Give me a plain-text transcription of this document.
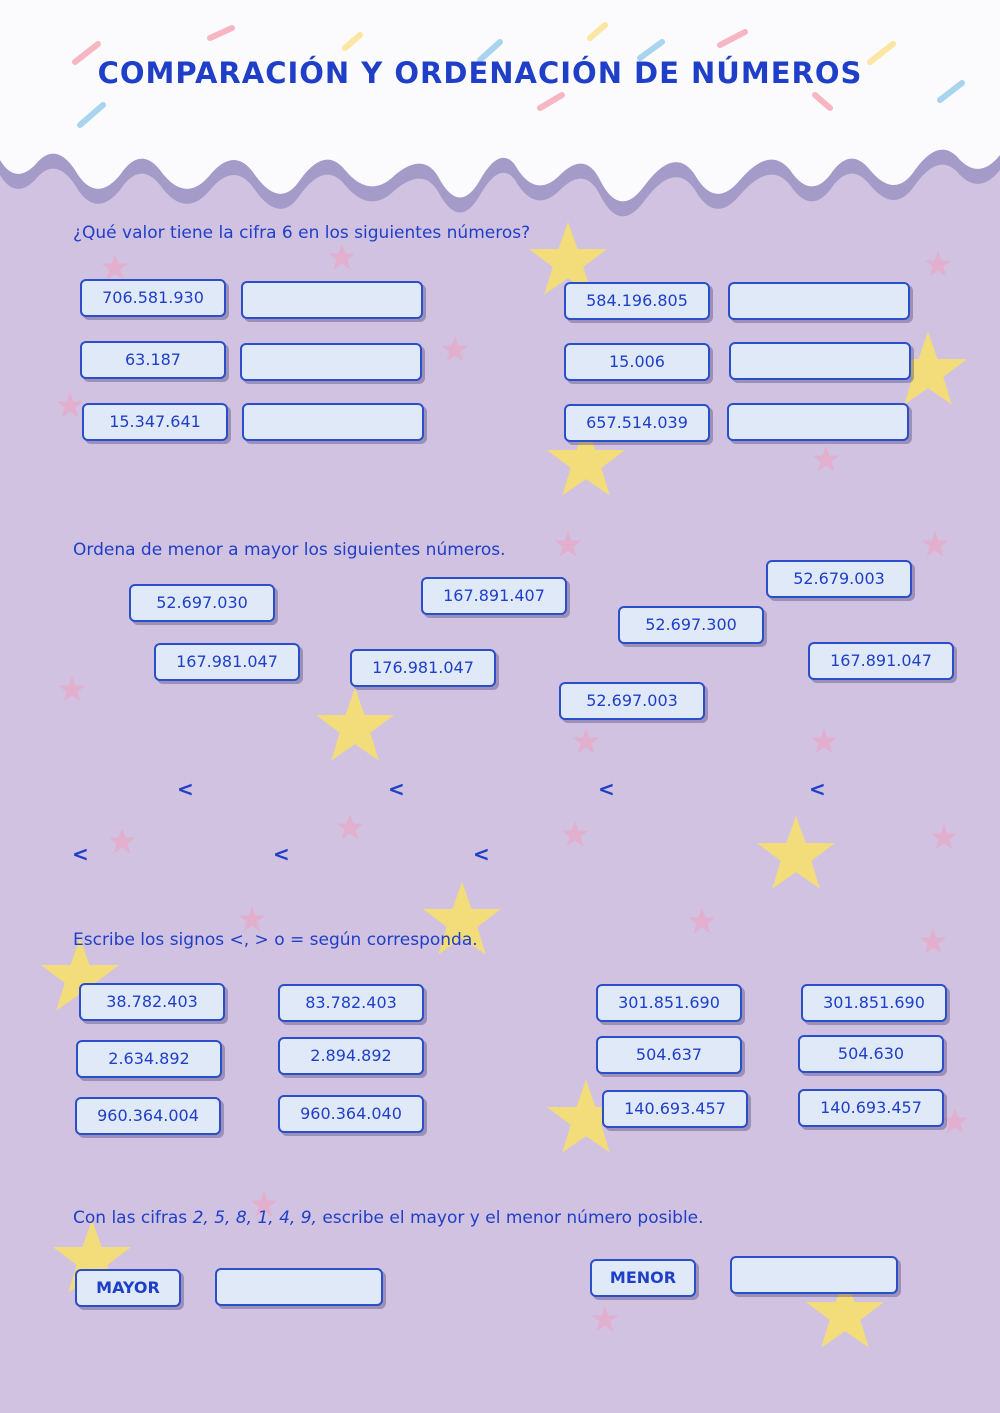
COMPARACIÓN Y ORDENACIÓN DE NÚMEROS
¿Qué valor tiene la cifra 6 en los siguientes números?
706.581.930
63.187
15.347.641
584.196.805
15.006
657.514.039
Ordena de menor a mayor los siguientes números.
52.697.030	167.891.407
52.679.003
52.697.300
167.981.047	176.981.047	167.891.047
52.697.003
<	<	<	<
<	<	<
Escribe los signos <, > o = según corresponda.
38.782.403	83.782.403
2.634.892	2.894.892
960.364.004	960.364.040
301.851.690	301.851.690
504.637	504.630
140.693.457	140.693.457
Con las cifras 2, 5, 8, 1, 4, 9, escribe el mayor y el menor número posible.
MAYOR
MENOR
